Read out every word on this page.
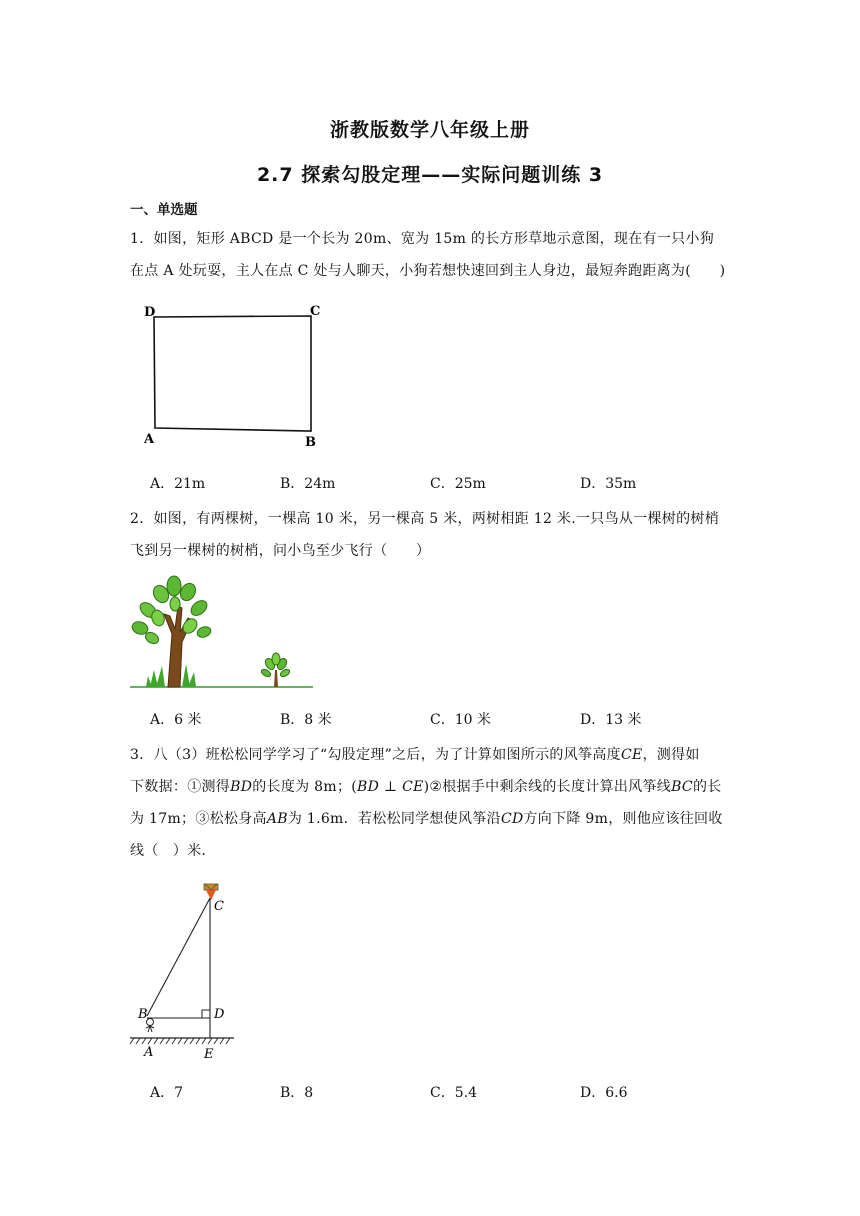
浙教版数学八年级上册
2.7 探索勾股定理——实际问题训练 3
一、单选题
1．如图，矩形 ABCD 是一个长为 20m、宽为 15m 的长方形草地示意图，现在有一只小狗
在点 A 处玩耍，主人在点 C 处与人聊天，小狗若想快速回到主人身边，最短奔跑距离为(　　)
D	C
A	B
A．21m	B．24m	C．25m	D．35m
2．如图，有两棵树，一棵高 10 米，另一棵高 5 米，两树相距 12 米.一只鸟从一棵树的树梢
飞到另一棵树的树梢，问小鸟至少飞行（　　）
A．6 米	B．8 米	C．10 米	D．13 米
3．八（3）班松松同学学习了“勾股定理”之后，为了计算如图所示的风筝高度CE，测得如
下数据：①测得BD的长度为 8m；(BD ⊥ CE)②根据手中剩余线的长度计算出风筝线BC的长
为 17m；③松松身高AB为 1.6m．若松松同学想使风筝沿CD方向下降 9m，则他应该往回收
线（　）米．
C
B	D
A	E
A．7	B．8	C．5.4	D．6.6
